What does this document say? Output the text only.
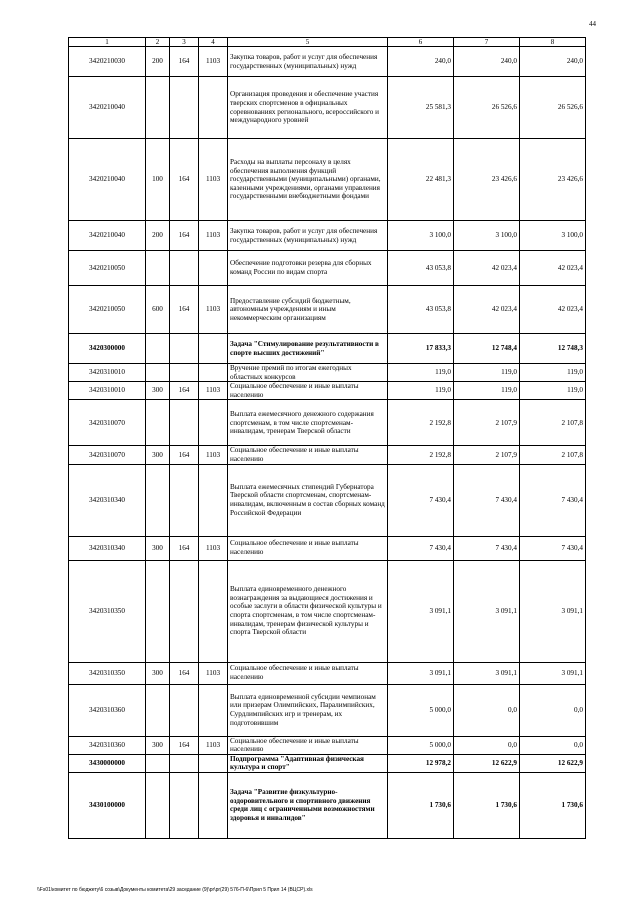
44
1	2	3	4	5	6	7	8
3420210030	200	164	1103	Закупка товаров, работ и услуг для обеспечения государственных (муниципальных) нужд	240,0	240,0	240,0
3420210040				Организация проведения и обеспечение участия тверских спортсменов в официальных соревнованиях регионального, всероссийского и международного уровней	25 581,3	26 526,6	26 526,6
3420210040	100	164	1103	Расходы на выплаты персоналу в целях обеспечения выполнения функций государственными (муниципальными) органами, казенными учреждениями, органами управления государственными внебюджетными фондами	22 481,3	23 426,6	23 426,6
3420210040	200	164	1103	Закупка товаров, работ и услуг для обеспечения государственных (муниципальных) нужд	3 100,0	3 100,0	3 100,0
3420210050				Обеспечение подготовки резерва для сборных команд России по видам спорта	43 053,8	42 023,4	42 023,4
3420210050	600	164	1103	Предоставление субсидий бюджетным, автономным учреждениям и иным некоммерческим организациям	43 053,8	42 023,4	42 023,4
3420300000				Задача "Стимулирование результативности в спорте высших достижений"	17 833,3	12 748,4	12 748,3
3420310010				Вручение премий по итогам ежегодных областных конкурсов	119,0	119,0	119,0
3420310010	300	164	1103	Социальное обеспечение и иные выплаты населению	119,0	119,0	119,0
3420310070				Выплата ежемесячного денежного содержания спортсменам, в том числе спортсменам-инвалидам, тренерам Тверской области	2 192,8	2 107,9	2 107,8
3420310070	300	164	1103	Социальное обеспечение и иные выплаты населению	2 192,8	2 107,9	2 107,8
3420310340				Выплата ежемесячных стипендий Губернатора Тверской области спортсменам, спортсменам-инвалидам, включенным в состав сборных команд Российской Федерации	7 430,4	7 430,4	7 430,4
3420310340	300	164	1103	Социальное обеспечение и иные выплаты населению	7 430,4	7 430,4	7 430,4
3420310350				Выплата единовременного денежного вознаграждения за выдающиеся достижения и особые заслуги в области физической культуры и спорта спортсменам, в том числе спортсменам-инвалидам, тренерам физической культуры и спорта Тверской области	3 091,1	3 091,1	3 091,1
3420310350	300	164	1103	Социальное обеспечение и иные выплаты населению	3 091,1	3 091,1	3 091,1
3420310360				Выплата единовременной субсидии чемпионам или призерам Олимпийских, Паралимпийских, Сурдлимпийских игр и тренерам, их подготовившим	5 000,0	0,0	0,0
3420310360	300	164	1103	Социальное обеспечение и иные выплаты населению	5 000,0	0,0	0,0
3430000000				Подпрограмма "Адаптивная физическая культура и спорт"	12 978,2	12 622,9	12 622,9
3430100000				Задача "Развитие физкультурно-оздоровительного и спортивного движения среди лиц с ограниченными возможностями здоровья и инвалидов"	1 730,6	1 730,6	1 730,6
\\Fs01\комитет по бюджету\6 созыв\Документы комитета\29 заседание (9)\pr\pr(29) 576-П-6\Прил 5 Прил 14 (ВЦСР).xls
